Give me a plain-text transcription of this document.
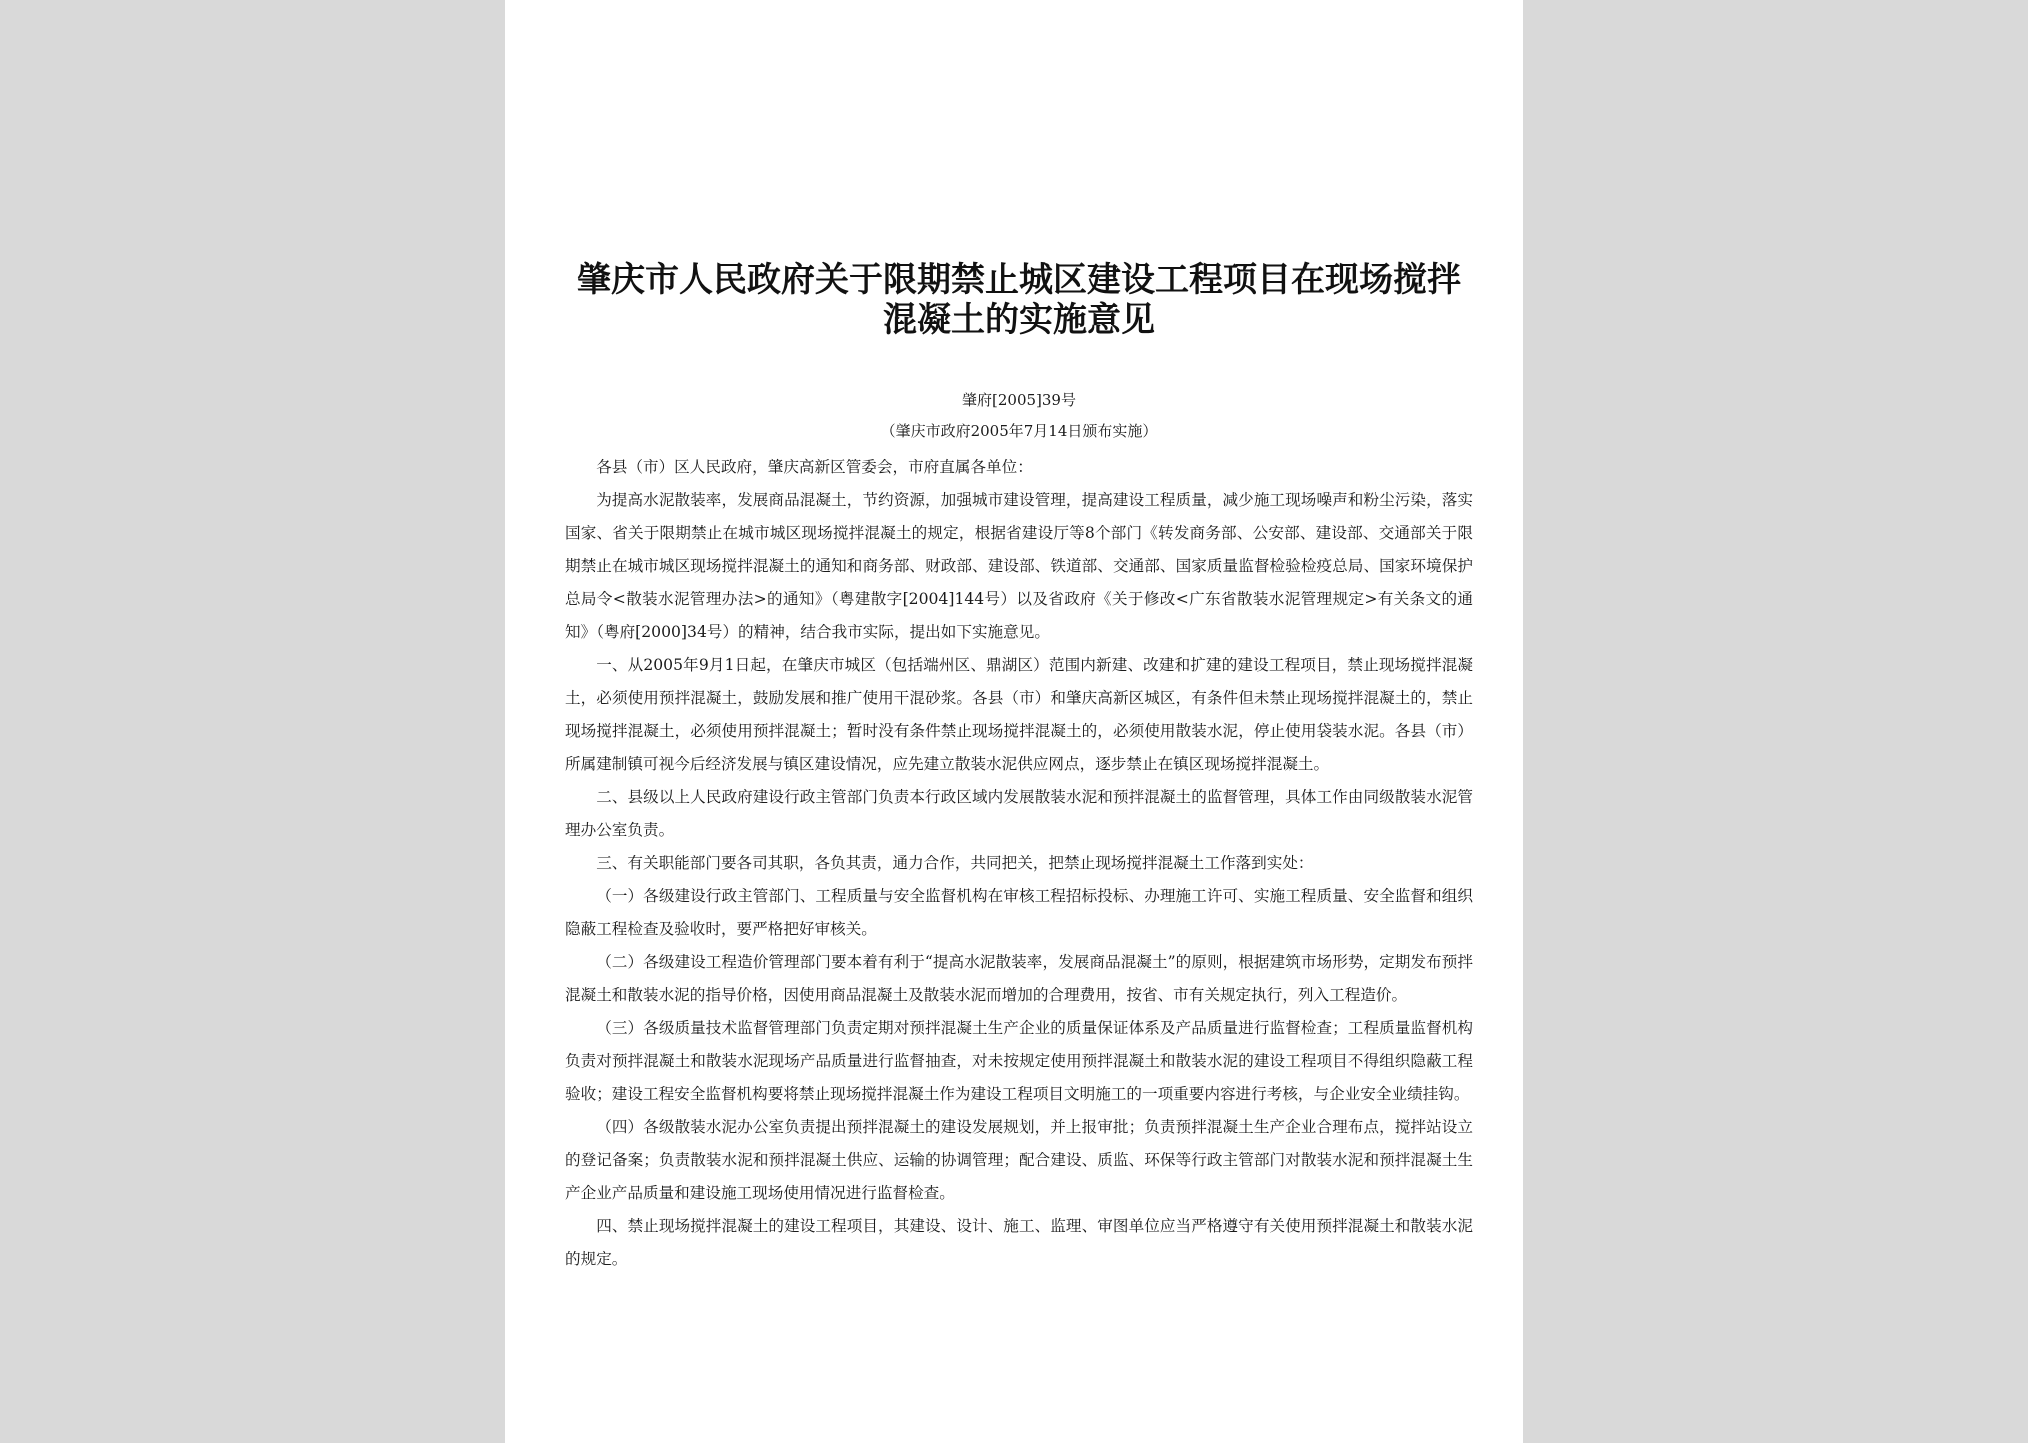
肇庆市人民政府关于限期禁止城区建设工程项目在现场搅拌混凝土的实施意见
肇府[2005]39号
（肇庆市政府2005年7月14日颁布实施）

各县（市）区人民政府，肇庆高新区管委会，市府直属各单位：

为提高水泥散装率，发展商品混凝土，节约资源，加强城市建设管理，提高建设工程质量，减少施工现场噪声和粉尘污染，落实国家、省关于限期禁止在城市城区现场搅拌混凝土的规定，根据省建设厅等8个部门《转发商务部、公安部、建设部、交通部关于限期禁止在城市城区现场搅拌混凝土的通知和商务部、财政部、建设部、铁道部、交通部、国家质量监督检验检疫总局、国家环境保护总局令<散装水泥管理办法>的通知》（粤建散字[2004]144号）以及省政府《关于修改<广东省散装水泥管理规定>有关条文的通知》（粤府[2000]34号）的精神，结合我市实际，提出如下实施意见。

一、从2005年9月1日起，在肇庆市城区（包括端州区、鼎湖区）范围内新建、改建和扩建的建设工程项目，禁止现场搅拌混凝土，必须使用预拌混凝土，鼓励发展和推广使用干混砂浆。各县（市）和肇庆高新区城区，有条件但未禁止现场搅拌混凝土的，禁止现场搅拌混凝土，必须使用预拌混凝土；暂时没有条件禁止现场搅拌混凝土的，必须使用散装水泥，停止使用袋装水泥。各县（市）所属建制镇可视今后经济发展与镇区建设情况，应先建立散装水泥供应网点，逐步禁止在镇区现场搅拌混凝土。

二、县级以上人民政府建设行政主管部门负责本行政区域内发展散装水泥和预拌混凝土的监督管理，具体工作由同级散装水泥管理办公室负责。

三、有关职能部门要各司其职，各负其责，通力合作，共同把关，把禁止现场搅拌混凝土工作落到实处：

（一）各级建设行政主管部门、工程质量与安全监督机构在审核工程招标投标、办理施工许可、实施工程质量、安全监督和组织隐蔽工程检查及验收时，要严格把好审核关。

（二）各级建设工程造价管理部门要本着有利于“提高水泥散装率，发展商品混凝土”的原则，根据建筑市场形势，定期发布预拌混凝土和散装水泥的指导价格，因使用商品混凝土及散装水泥而增加的合理费用，按省、市有关规定执行，列入工程造价。

（三）各级质量技术监督管理部门负责定期对预拌混凝土生产企业的质量保证体系及产品质量进行监督检查；工程质量监督机构负责对预拌混凝土和散装水泥现场产品质量进行监督抽查，对未按规定使用预拌混凝土和散装水泥的建设工程项目不得组织隐蔽工程验收；建设工程安全监督机构要将禁止现场搅拌混凝土作为建设工程项目文明施工的一项重要内容进行考核，与企业安全业绩挂钩。

（四）各级散装水泥办公室负责提出预拌混凝土的建设发展规划，并上报审批；负责预拌混凝土生产企业合理布点，搅拌站设立的登记备案；负责散装水泥和预拌混凝土供应、运输的协调管理；配合建设、质监、环保等行政主管部门对散装水泥和预拌混凝土生产企业产品质量和建设施工现场使用情况进行监督检查。

四、禁止现场搅拌混凝土的建设工程项目，其建设、设计、施工、监理、审图单位应当严格遵守有关使用预拌混凝土和散装水泥的规定。
